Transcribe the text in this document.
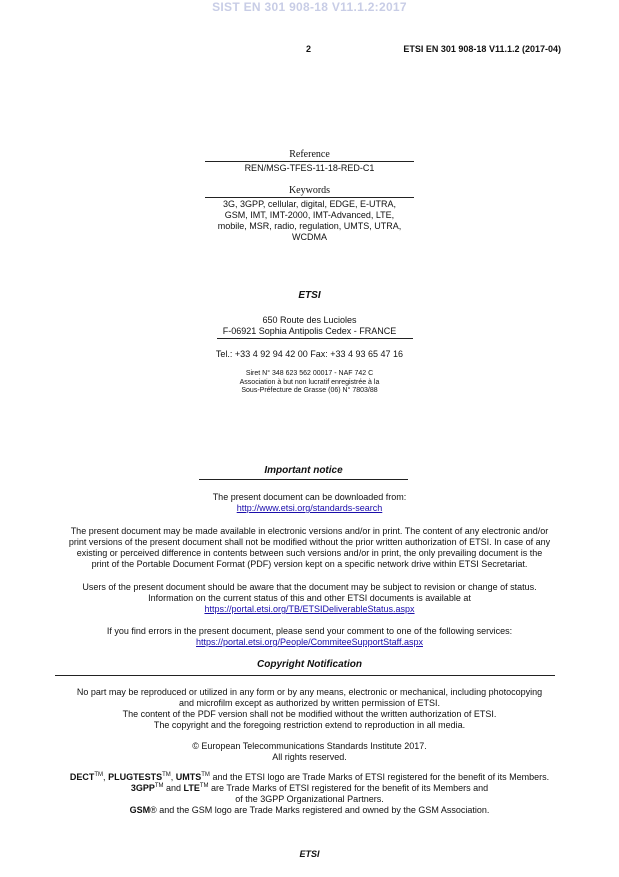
SIST EN 301 908-18 V11.1.2:2017
2	ETSI EN 301 908-18 V11.1.2 (2017-04)
Reference
REN/MSG-TFES-11-18-RED-C1
Keywords
3G, 3GPP, cellular, digital, EDGE, E-UTRA,
GSM, IMT, IMT-2000, IMT-Advanced, LTE,
mobile, MSR, radio, regulation, UMTS, UTRA,
WCDMA
ETSI
650 Route des Lucioles
F-06921 Sophia Antipolis Cedex - FRANCE
Tel.: +33 4 92 94 42 00 Fax: +33 4 93 65 47 16
Siret N° 348 623 562 00017 - NAF 742 C
Association à but non lucratif enregistrée à la
Sous-Préfecture de Grasse (06) N° 7803/88
Important notice
The present document can be downloaded from:
http://www.etsi.org/standards-search
The present document may be made available in electronic versions and/or in print. The content of any electronic and/or
print versions of the present document shall not be modified without the prior written authorization of ETSI. In case of any
existing or perceived difference in contents between such versions and/or in print, the only prevailing document is the
print of the Portable Document Format (PDF) version kept on a specific network drive within ETSI Secretariat.
Users of the present document should be aware that the document may be subject to revision or change of status.
Information on the current status of this and other ETSI documents is available at
https://portal.etsi.org/TB/ETSIDeliverableStatus.aspx
If you find errors in the present document, please send your comment to one of the following services:
https://portal.etsi.org/People/CommiteeSupportStaff.aspx
Copyright Notification
No part may be reproduced or utilized in any form or by any means, electronic or mechanical, including photocopying
and microfilm except as authorized by written permission of ETSI.
The content of the PDF version shall not be modified without the written authorization of ETSI.
The copyright and the foregoing restriction extend to reproduction in all media.
© European Telecommunications Standards Institute 2017.
All rights reserved.
DECT™, PLUGTESTS™, UMTS™ and the ETSI logo are Trade Marks of ETSI registered for the benefit of its Members.
3GPP™ and LTE™ are Trade Marks of ETSI registered for the benefit of its Members and
of the 3GPP Organizational Partners.
GSM® and the GSM logo are Trade Marks registered and owned by the GSM Association.
ETSI
